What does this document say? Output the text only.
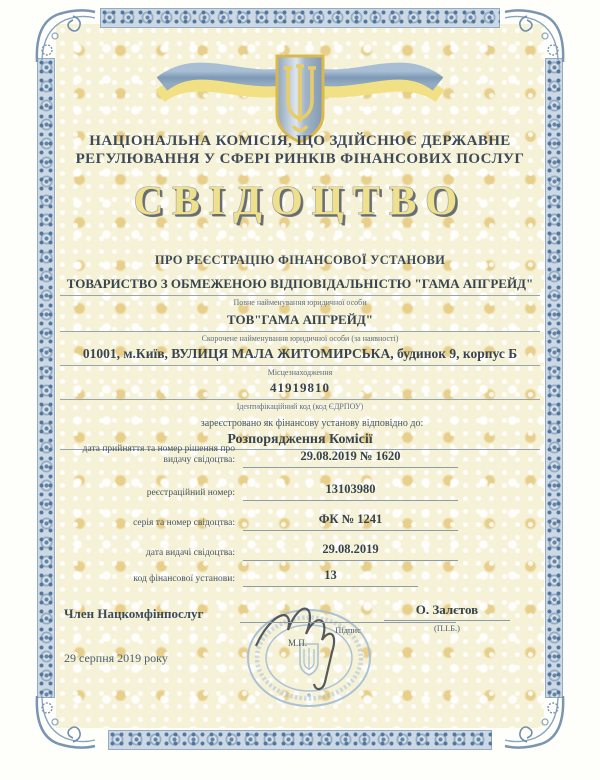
НАЦІОНАЛЬНА КОМІСІЯ, ЩО ЗДІЙСНЮЄ ДЕРЖАВНЕ
РЕГУЛЮВАННЯ У СФЕРІ РИНКІВ ФІНАНСОВИХ ПОСЛУГ
СВІДОЦТВО
ПРО РЕЄСТРАЦІЮ ФІНАНСОВОЇ УСТАНОВИ
ТОВАРИСТВО З ОБМЕЖЕНОЮ ВІДПОВІДАЛЬНІСТЮ "ГАМА АПГРЕЙД"
Повне найменування юридичної особи
ТОВ"ГАМА АПГРЕЙД"
Скорочене найменування юридичної особи (за наявності)
01001, м.Київ, ВУЛИЦЯ МАЛА ЖИТОМИРСЬКА, будинок 9, корпус Б
Місцезнаходження
41919810
Ідентифікаційний код (код ЄДРПОУ)
зареєстровано як фінансову установу відповідно до:
Розпорядження Комісії
дата прийняття та номер рішення про видачу свідоцтва:	29.08.2019 № 1620
реєстраційний номер:	13103980
серія та номер свідоцтва:	ФК № 1241
дата видачі свідоцтва:	29.08.2019
код фінансової установи:	13
Член Нацкомфінпослуг
Підпис
М.П.
О. Залєтов
(П.І.Б.)
29 серпня 2019 року
